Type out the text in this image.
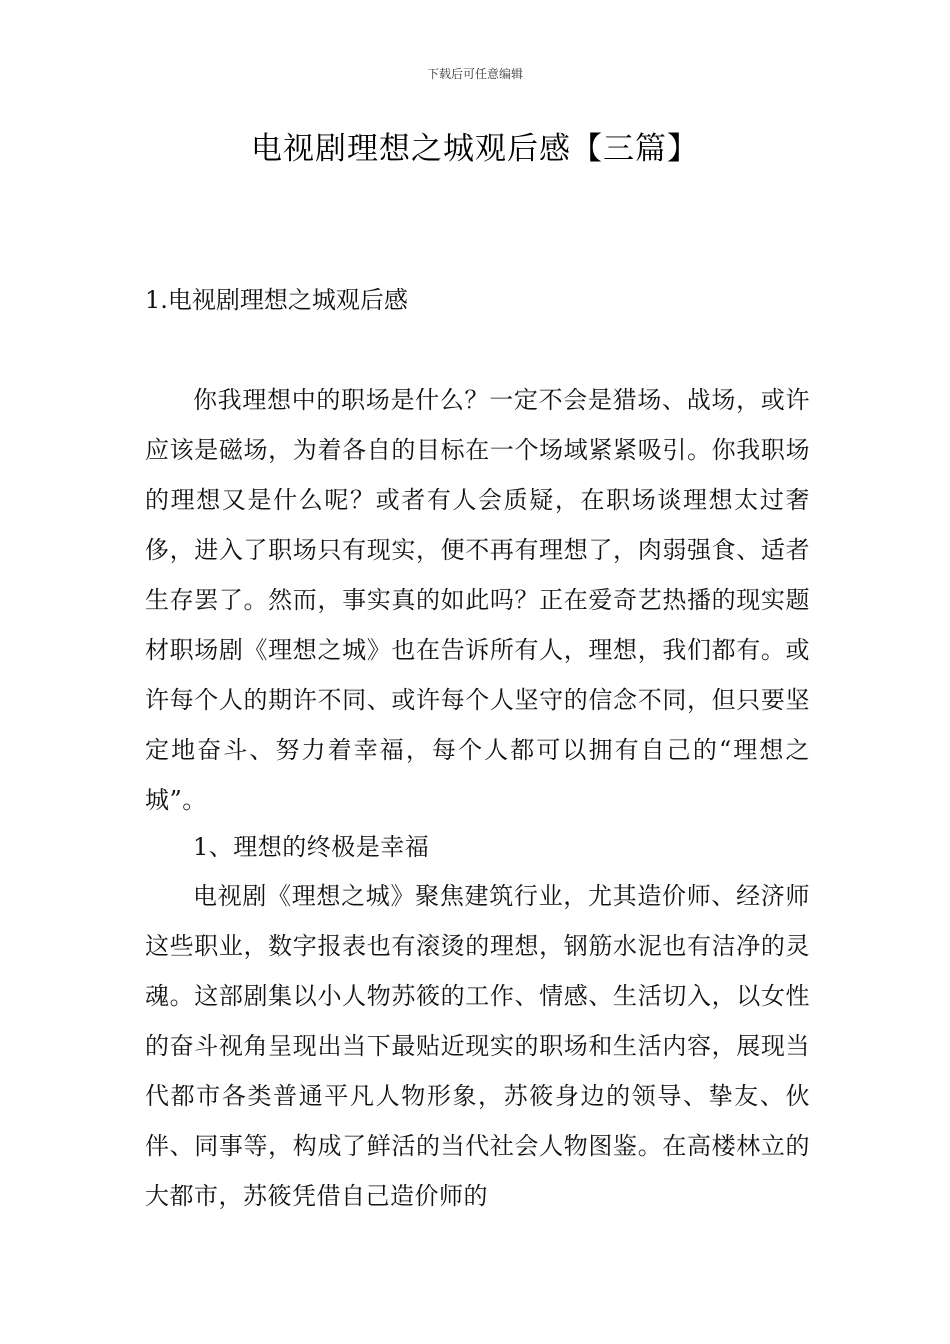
下载后可任意编辑
电视剧理想之城观后感【三篇】
1.电视剧理想之城观后感

你我理想中的职场是什么？一定不会是猎场、战场，或许应该是磁场，为着各自的目标在一个场域紧紧吸引。你我职场的理想又是什么呢？或者有人会质疑，在职场谈理想太过奢侈，进入了职场只有现实，便不再有理想了，肉弱强食、适者生存罢了。然而，事实真的如此吗？正在爱奇艺热播的现实题材职场剧《理想之城》也在告诉所有人，理想，我们都有。或许每个人的期许不同、或许每个人坚守的信念不同，但只要坚定地奋斗、努力着幸福，每个人都可以拥有自己的“理想之城”。

1、理想的终极是幸福

电视剧《理想之城》聚焦建筑行业，尤其造价师、经济师这些职业，数字报表也有滚烫的理想，钢筋水泥也有洁净的灵魂。这部剧集以小人物苏筱的工作、情感、生活切入，以女性的奋斗视角呈现出当下最贴近现实的职场和生活内容，展现当代都市各类普通平凡人物形象，苏筱身边的领导、挚友、伙伴、同事等，构成了鲜活的当代社会人物图鉴。在高楼林立的大都市，苏筱凭借自己造价师的
